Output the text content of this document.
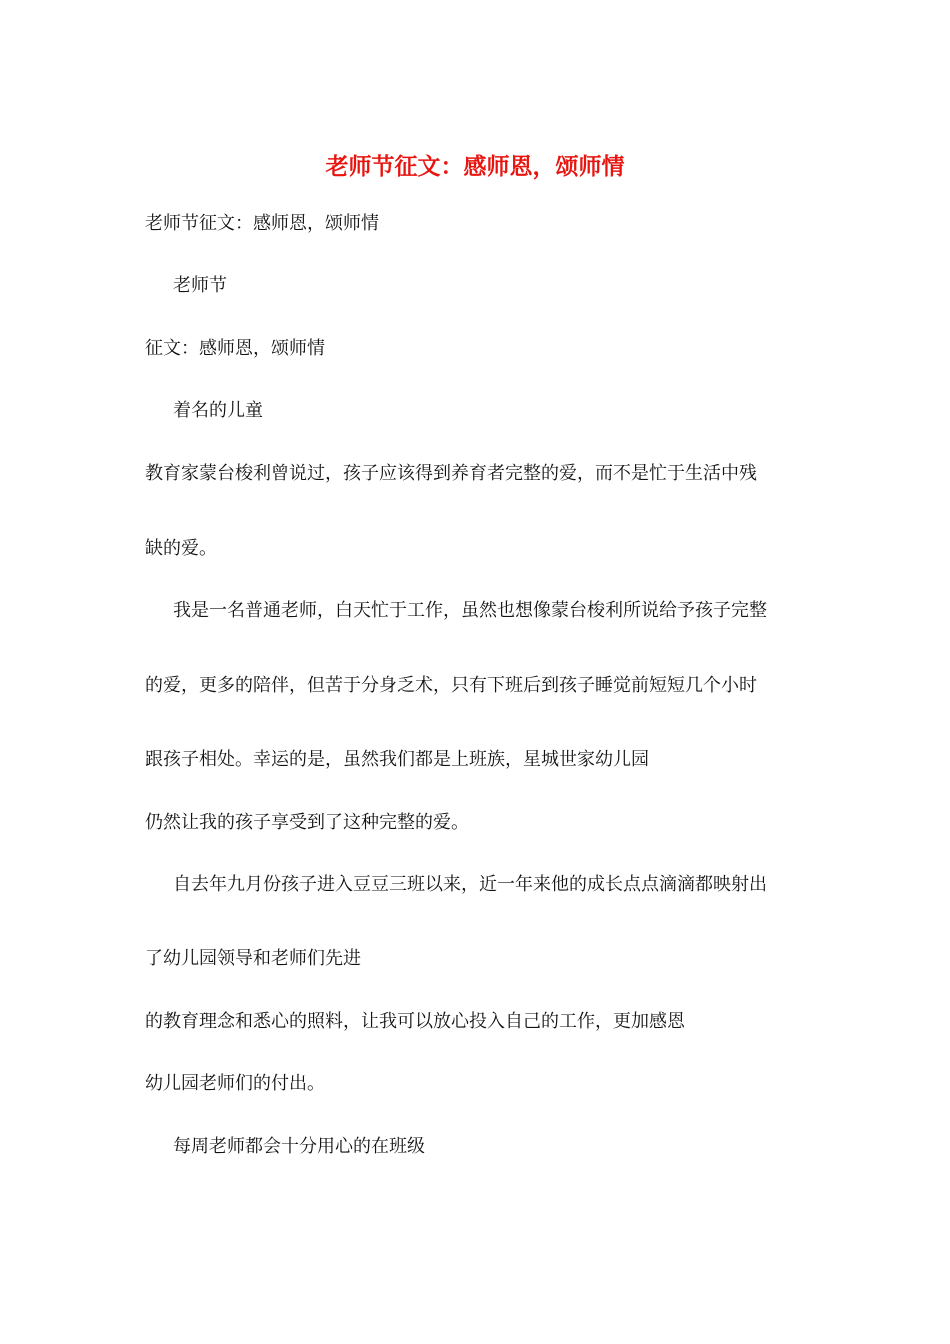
老师节征文：感师恩，颂师情
老师节征文：感师恩，颂师情
老师节
征文：感师恩，颂师情
着名的儿童
教育家蒙台梭利曾说过，孩子应该得到养育者完整的爱，而不是忙于生活中残
缺的爱。
我是一名普通老师，白天忙于工作，虽然也想像蒙台梭利所说给予孩子完整
的爱，更多的陪伴，但苦于分身乏术，只有下班后到孩子睡觉前短短几个小时
跟孩子相处。幸运的是，虽然我们都是上班族，星城世家幼儿园
仍然让我的孩子享受到了这种完整的爱。
自去年九月份孩子进入豆豆三班以来，近一年来他的成长点点滴滴都映射出
了幼儿园领导和老师们先进
的教育理念和悉心的照料，让我可以放心投入自己的工作，更加感恩
幼儿园老师们的付出。
每周老师都会十分用心的在班级
